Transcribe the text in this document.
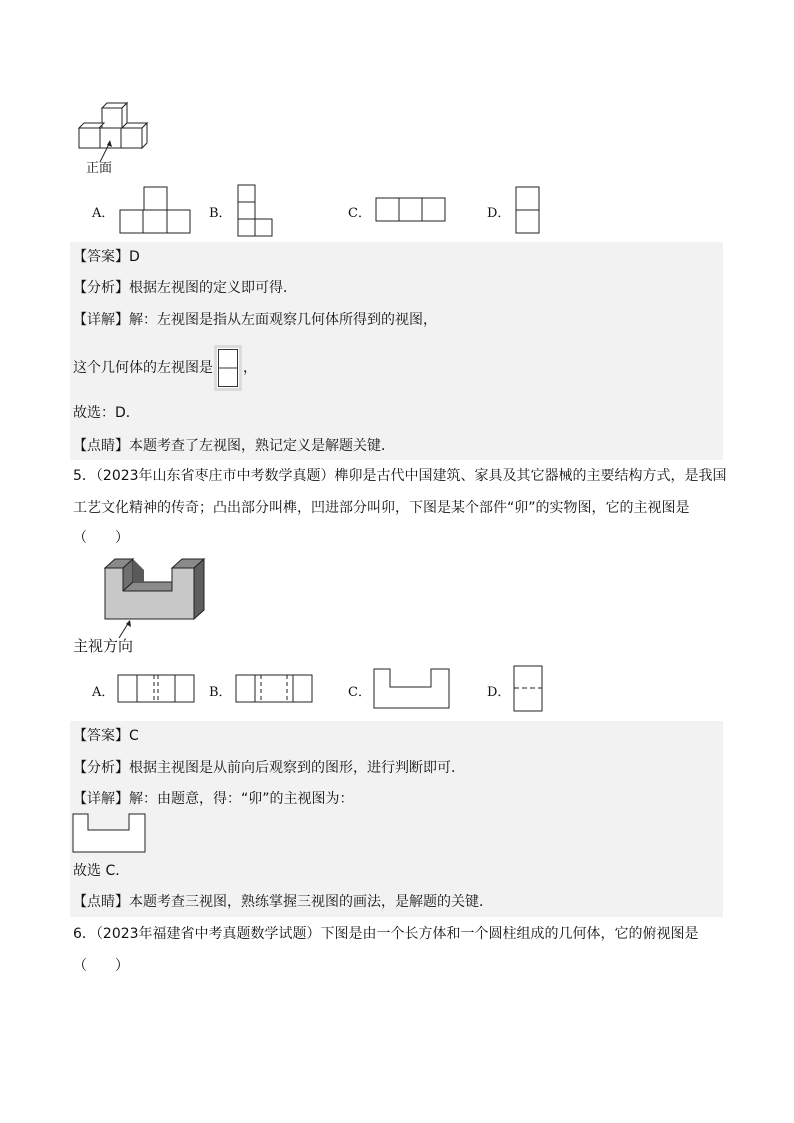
正面
A．	B．	C．	D．
【答案】D
【分析】根据左视图的定义即可得．
【详解】解：左视图是指从左面观察几何体所得到的视图，
这个几何体的左视图是 ，
故选：D．
【点睛】本题考查了左视图，熟记定义是解题关键．
5．（2023年山东省枣庄市中考数学真题）榫卯是古代中国建筑、家具及其它器械的主要结构方式，是我国
工艺文化精神的传奇；凸出部分叫榫，凹进部分叫卯，下图是某个部件“卯”的实物图，它的主视图是
（　　）
主视方向
A．	B．	C．	D．
【答案】C
【分析】根据主视图是从前向后观察到的图形，进行判断即可．
【详解】解：由题意，得：“卯”的主视图为：
故选 C．
【点睛】本题考查三视图，熟练掌握三视图的画法，是解题的关键．
6．（2023年福建省中考真题数学试题）下图是由一个长方体和一个圆柱组成的几何体，它的俯视图是
（　　）
